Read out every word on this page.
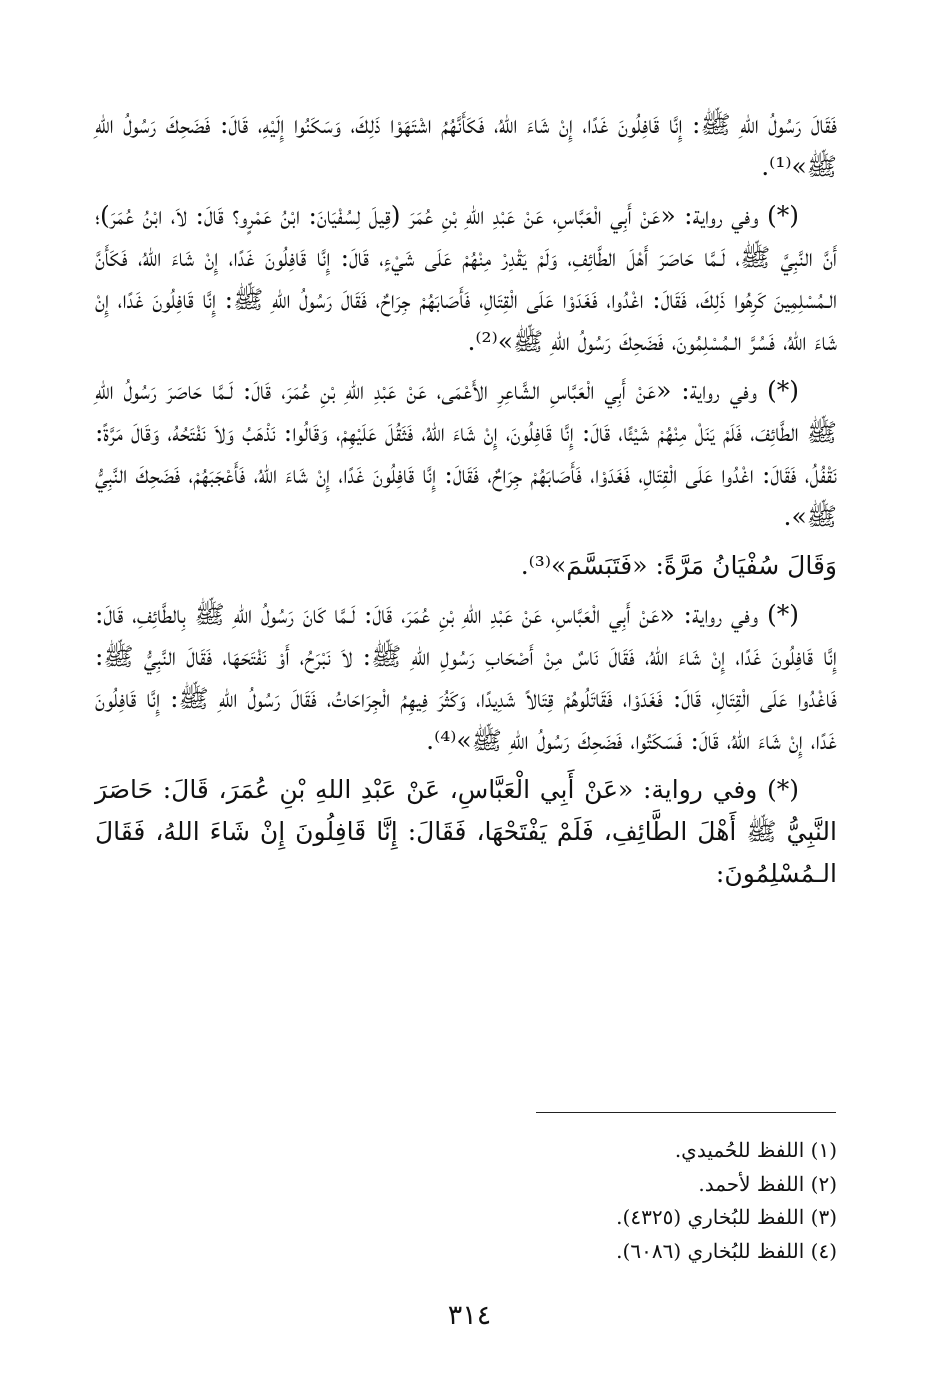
فَقَالَ رَسُولُ اللهِ ﷺ: إِنَّا قَافِلُونَ غَدًا، إِنْ شَاءَ اللهُ، فَكَأَنَّهُمُ اشْتَهَوْا ذَلِكَ، وَسَكَنُوا إِلَيْهِ، قَالَ: فَضَحِكَ رَسُولُ اللهِ ﷺ»⁽¹⁾.

(*) وفي رواية: «عَنْ أَبِي الْعَبَّاسِ، عَنْ عَبْدِ اللهِ بْنِ عُمَرَ (قِيلَ لِسُفْيَانَ: ابْنُ عَمْرٍو؟ قَالَ: لاَ، ابْنُ عُمَرَ)؛ أَنَّ النَّبِيَّ ﷺ، لَـمَّا حَاصَرَ أَهْلَ الطَّائِفِ، وَلَمْ يَقْدِرْ مِنْهُمْ عَلَى شَيْءٍ، قَالَ: إِنَّا قَافِلُونَ غَدًا، إِنْ شَاءَ اللهُ، فَكَأَنَّ الـمُسْلِمِينَ كَرِهُوا ذَلِكَ، فَقَالَ: اغْدُوا، فَغَدَوْا عَلَى الْقِتَالِ، فَأَصَابَهُمْ جِرَاحٌ، فَقَالَ رَسُولُ اللهِ ﷺ: إِنَّا قَافِلُونَ غَدًا، إِنْ شَاءَ اللهُ، فَسُرَّ الـمُسْلِمُونَ، فَضَحِكَ رَسُولُ اللهِ ﷺ»⁽²⁾.

(*) وفي رواية: «عَنْ أَبِي الْعَبَّاسِ الشَّاعِرِ الأَعْمَى، عَنْ عَبْدِ اللهِ بْنِ عُمَرَ، قَالَ: لَـمَّا حَاصَرَ رَسُولُ اللهِ ﷺ الطَّائِفَ، فَلَمْ يَنَلْ مِنْهُمْ شَيْئًا، قَالَ: إِنَّا قَافِلُونَ، إِنْ شَاءَ اللهُ، فَثَقُلَ عَلَيْهِمْ، وَقَالُوا: نَذْهَبُ وَلاَ نَفْتَحُهُ، وَقَالَ مَرَّةً: نَقْفُلُ، فَقَالَ: اغْدُوا عَلَى الْقِتَالِ، فَغَدَوْا، فَأَصَابَهُمْ جِرَاحٌ، فَقَالَ: إِنَّا قَافِلُونَ غَدًا، إِنْ شَاءَ اللهُ، فَأَعْجَبَهُمْ، فَضَحِكَ النَّبِيُّ ﷺ».

وَقَالَ سُفْيَانُ مَرَّةً: «فَتَبَسَّمَ»⁽³⁾.

(*) وفي رواية: «عَنْ أَبِي الْعَبَّاسِ، عَنْ عَبْدِ اللهِ بْنِ عُمَرَ، قَالَ: لَـمَّا كَانَ رَسُولُ اللهِ ﷺ بِالطَّائِفِ، قَالَ: إِنَّا قَافِلُونَ غَدًا، إِنْ شَاءَ اللهُ، فَقَالَ نَاسٌ مِنْ أَصْحَابِ رَسُولِ اللهِ ﷺ: لاَ نَبْرَحُ، أَوْ نَفْتَحَهَا، فَقَالَ النَّبِيُّ ﷺ: فَاغْدُوا عَلَى الْقِتَالِ، قَالَ: فَغَدَوْا، فَقَاتَلُوهُمْ قِتَالاً شَدِيدًا، وَكَثُرَ فِيهِمُ الْجِرَاحَاتُ، فَقَالَ رَسُولُ اللهِ ﷺ: إِنَّا قَافِلُونَ غَدًا، إِنْ شَاءَ اللهُ، قَالَ: فَسَكَتُوا، فَضَحِكَ رَسُولُ اللهِ ﷺ»⁽⁴⁾.

(*) وفي رواية: «عَنْ أَبِي الْعَبَّاسِ، عَنْ عَبْدِ اللهِ بْنِ عُمَرَ، قَالَ: حَاصَرَ النَّبِيُّ ﷺ أَهْلَ الطَّائِفِ، فَلَمْ يَفْتَحْهَا، فَقَالَ: إِنَّا قَافِلُونَ إِنْ شَاءَ اللهُ، فَقَالَ الـمُسْلِمُونَ:

(١) اللفظ للحُميدي.
(٢) اللفظ لأحمد.
(٣) اللفظ للبُخاري (٤٣٢٥).
(٤) اللفظ للبُخاري (٦٠٨٦).
٣١٤
